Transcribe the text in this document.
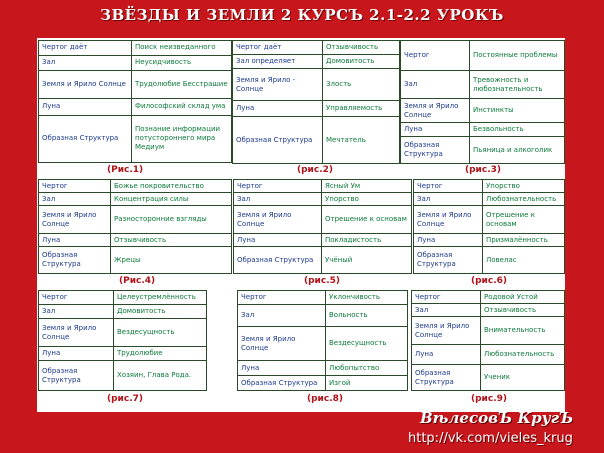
ЗВЁЗДЫ И ЗЕМЛИ 2 КУРСЪ 2.1-2.2 УРОКЪ
Чертог даёт	Поиск неизведанного
Зал	Неусидчивость
Земля и Ярило Солнце	Трудолюбие Бесстрашие
Луна	Философский склад ума
Образная Структура	Познание информации потустороннего мира Медиум
Чертог даёт	Отзывчивость
Зал определяет	Домовитость
Земля и Ярило - Солнце	Злость
Луна	Управляемость
Образная Структура	Мечтатель
Чертог	Постоянные проблемы
Зал	Тревожность и любознательность
Земля и Ярило Солнце	Инстинкты
Луна	Безвольность
Образная Структура	Пьяница и алкоголик
(Рис.1)	(рис.2)	(рис.3)
Чертог	Божье покровительство
Зал	Концентрация силы
Земля и Ярило Солнце	Разносторонние взгляды
Луна	Отзывчивость
Образная Структура	Жрецы
Чертог	Ясный Ум
Зал	Упорство
Земля и Ярило Солнце	Отрешение к основам
Луна	Покладистость
Образная Структура	Учёный
Чертог	Упорство
Зал	Любознательность
Земля и Ярило Солнце	Отрешение к основам
Луна	Призмалённость
Образная Структура	Ловелас
(Рис.4)	(рис.5)	(рис.6)
Чертог	Целеустремлённость
Зал	Домовитость
Земля и Ярило Солнце	Вездесущность
Луна	Трудолюбие
Образная Структура	Хозяин, Глава Рода.
Чертог	Уклончивость
Зал	Вольность
Земля и Ярило Солнце	Вездесущность
Луна	Любопытство
Образная Структура	Изгой
Чертог	Родовой Устой
Зал	Отзывчивость
Земля и Ярило Солнце	Внимательность
Луна	Любознательность
Образная Структура	Ученик
(рис.7)	(рис.8)	(рис.9)
ВѣлесовЪ КругЪ
http://vk.com/vieles_krug
